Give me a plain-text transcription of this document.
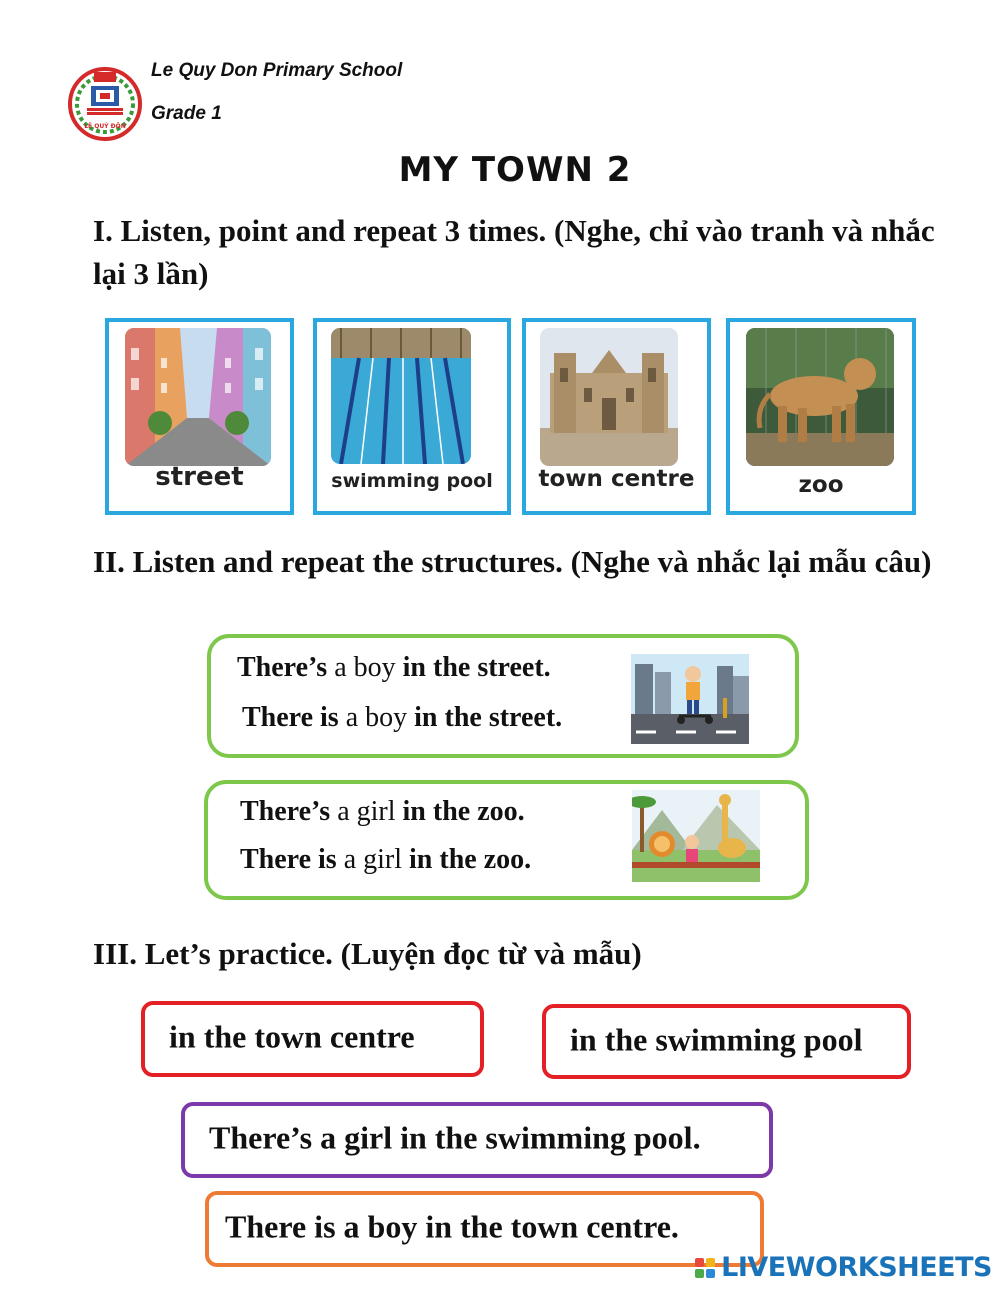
LÊ QUÝ ĐÔN
Le Quy Don Primary School
Grade 1
MY TOWN 2
I. Listen, point and repeat 3 times. (Nghe, chỉ vào tranh và nhắc lại 3 lần)
street	swimming pool	town centre	zoo
II. Listen and repeat the structures. (Nghe và nhắc lại mẫu câu)
There’s a boy in the street.
There is a boy in the street.
There’s a girl in the zoo.
There is a girl in the zoo.
III. Let’s practice. (Luyện đọc từ và mẫu)
in the town centre	in the swimming pool
There’s a girl in the swimming pool.
There is a boy in the town centre.
LIVEWORKSHEETS
